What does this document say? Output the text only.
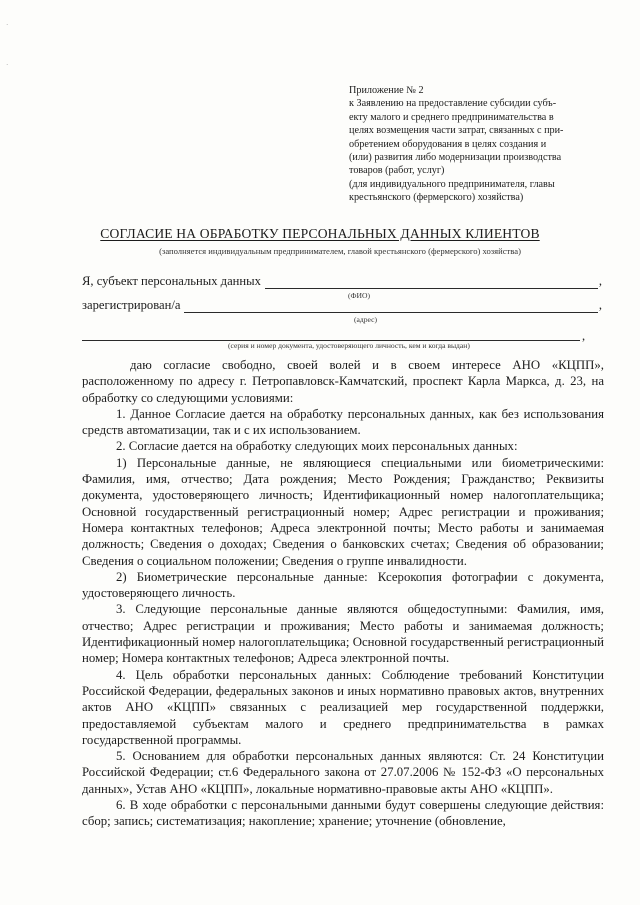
·
·

Приложение № 2

к Заявлению на предоставление субсидии субъ-

екту малого и среднего предпринимательства в

целях возмещения части затрат, связанных с при-

обретением оборудования в целях создания и

(или) развития либо модернизации производства

товаров (работ, услуг)

(для индивидуального предпринимателя, главы

крестьянского (фермерского) хозяйства)

СОГЛАСИЕ НА ОБРАБОТКУ ПЕРСОНАЛЬНЫХ ДАННЫХ КЛИЕНТОВ
(заполняется индивидуальным предпринимателем, главой крестьянского (фермерского) хозяйства)
Я, субъект персональных данных	,
(ФИО)
зарегистрирован/а	,
(адрес)
,
(серия и номер документа, удостоверяющего личность, кем и когда выдан)

даю согласие свободно, своей волей и в своем интересе АНО «КЦПП», расположенному по адресу г. Петропавловск-Камчатский, проспект Карла Маркса, д. 23, на обработку со следующими условиями:

1. Данное Согласие дается на обработку персональных данных, как без использования средств автоматизации, так и с их использованием.

2. Согласие дается на обработку следующих моих персональных данных:

1) Персональные данные, не являющиеся специальными или биометрическими: Фамилия, имя, отчество; Дата рождения; Место Рождения; Гражданство; Реквизиты документа, удостоверяющего личность; Идентификационный номер налогоплательщика; Основной государственный регистрационный номер; Адрес регистрации и проживания; Номера контактных телефонов; Адреса электронной почты; Место работы и занимаемая должность; Сведения о доходах; Сведения о банковских счетах; Сведения об образовании; Сведения о социальном положении; Сведения о группе инвалидности.

2) Биометрические персональные данные: Ксерокопия фотографии с документа, удостоверяющего личность.

3. Следующие персональные данные являются общедоступными: Фамилия, имя, отчество; Адрес регистрации и проживания; Место работы и занимаемая должность; Идентификационный номер налогоплательщика; Основной государственный регистрационный номер; Номера контактных телефонов; Адреса электронной почты.

4. Цель обработки персональных данных: Соблюдение требований Конституции Российской Федерации, федеральных законов и иных нормативно правовых актов, внутренних актов АНО «КЦПП» связанных с реализацией мер государственной поддержки, предоставляемой субъектам малого и среднего предпринимательства в рамках государственной программы.

5. Основанием для обработки персональных данных являются: Ст. 24 Конституции Российской Федерации; ст.6 Федерального закона от 27.07.2006 № 152-ФЗ «О персональных данных», Устав АНО «КЦПП», локальные нормативно-правовые акты АНО «КЦПП».

6. В ходе обработки с персональными данными будут совершены следующие действия: сбор; запись; систематизация; накопление; хранение; уточнение (обновление,
